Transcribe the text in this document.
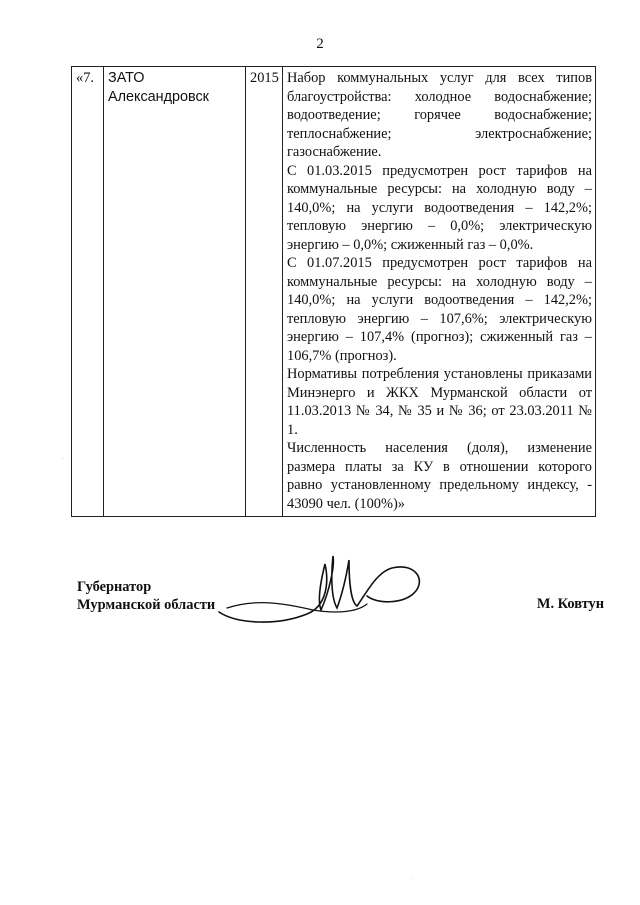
2
«7.	ЗАТО Александровск	2015	Набор коммунальных услуг для всех типов благоустройства: холодное водоснабжение; водоотведение; горячее водоснабжение; теплоснабжение; электроснабжение; газоснабжение.

С 01.03.2015 предусмотрен рост тарифов на коммунальные ресурсы: на холодную воду – 140,0%; на услуги водоотведения – 142,2%; тепловую энергию – 0,0%; электрическую энергию – 0,0%; сжиженный газ – 0,0%.

С 01.07.2015 предусмотрен рост тарифов на коммунальные ресурсы: на холодную воду – 140,0%; на услуги водоотведения – 142,2%; тепловую энергию – 107,6%; электрическую энергию – 107,4% (прогноз); сжиженный газ – 106,7% (прогноз).

Нормативы потребления установлены приказами Минэнерго и ЖКХ Мурманской области от 11.03.2013 № 34, № 35 и № 36; от 23.03.2011 № 1.

Численность населения (доля), изменение размера платы за КУ в отношении которого равно установленному предельному индексу, - 43090 чел. (100%)»

Губернатор
Мурманской области	М. Ковтун
·
·
